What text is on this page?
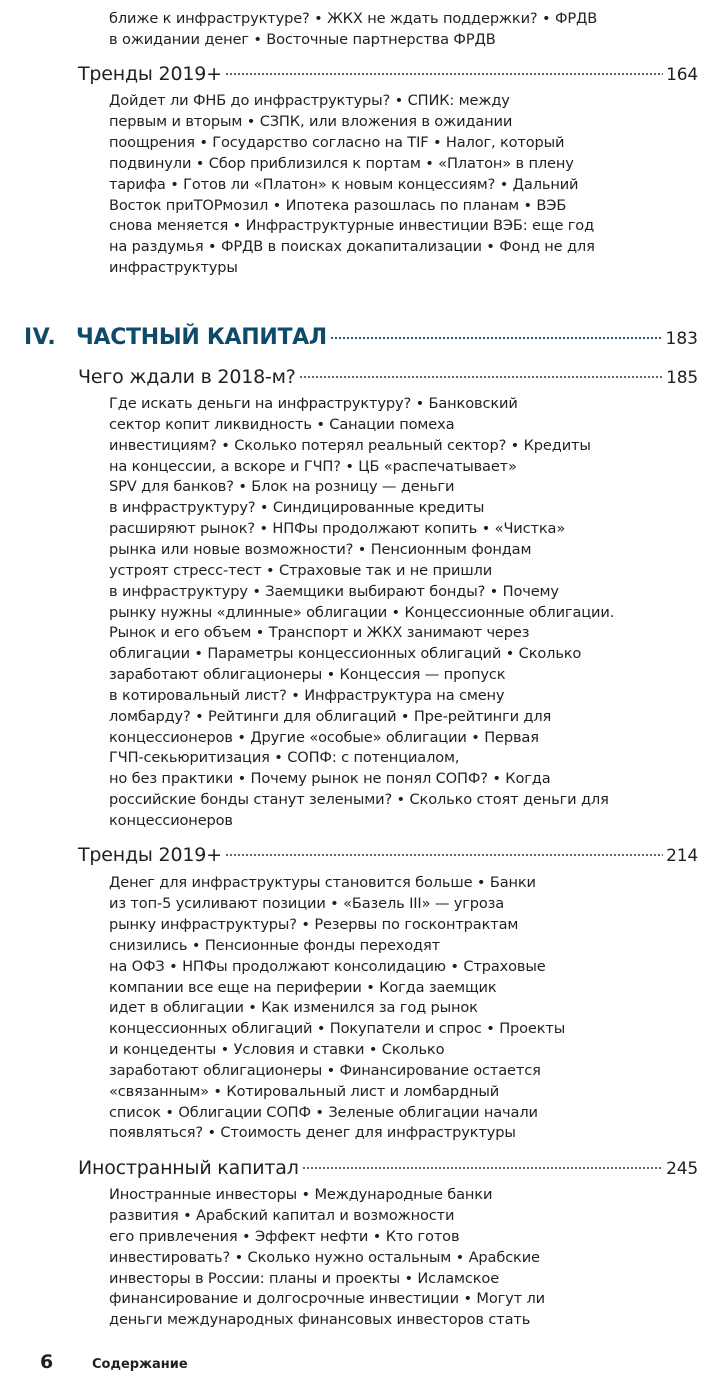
ближе к инфраструктуре? • ЖКХ не ждать поддержки? • ФРДВ
в ожидании денег • Восточные партнерства ФРДВ
Тренды 2019+	164
Дойдет ли ФНБ до инфраструктуры? • СПИК: между
первым и вторым • СЗПК, или вложения в ожидании
поощрения • Государство согласно на TIF • Налог, который
подвинули • Сбор приблизился к портам • «Платон» в плену
тарифа • Готов ли «Платон» к новым концессиям? • Дальний
Восток приТОРмозил • Ипотека разошлась по планам • ВЭБ
снова меняется • Инфраструктурные инвестиции ВЭБ: еще год
на раздумья • ФРДВ в поисках докапитализации • Фонд не для
инфраструктуры
IV. ЧАСТНЫЙ КАПИТАЛ	183
Чего ждали в 2018-м?	185
Где искать деньги на инфраструктуру? • Банковский
сектор копит ликвидность • Санации помеха
инвестициям? • Сколько потерял реальный сектор? • Кредиты
на концессии, а вскоре и ГЧП? • ЦБ «распечатывает»
SPV для банков? • Блок на розницу — деньги
в инфраструктуру? • Синдицированные кредиты
расширяют рынок? • НПФы продолжают копить • «Чистка»
рынка или новые возможности? • Пенсионным фондам
устроят стресс-тест • Страховые так и не пришли
в инфраструктуру • Заемщики выбирают бонды? • Почему
рынку нужны «длинные» облигации • Концессионные облигации.
Рынок и его объем • Транспорт и ЖКХ занимают через
облигации • Параметры концессионных облигаций • Сколько
заработают облигационеры • Концессия — пропуск
в котировальный лист? • Инфраструктура на смену
ломбарду? • Рейтинги для облигаций • Пре-рейтинги для
концессионеров • Другие «особые» облигации • Первая
ГЧП-секьюритизация • СОПФ: с потенциалом,
но без практики • Почему рынок не понял СОПФ? • Когда
российские бонды станут зелеными? • Сколько стоят деньги для
концессионеров
Тренды 2019+	214
Денег для инфраструктуры становится больше • Банки
из топ-5 усиливают позиции • «Базель III» — угроза
рынку инфраструктуры? • Резервы по госконтрактам
снизились • Пенсионные фонды переходят
на ОФЗ • НПФы продолжают консолидацию • Страховые
компании все еще на периферии • Когда заемщик
идет в облигации • Как изменился за год рынок
концессионных облигаций • Покупатели и спрос • Проекты
и концеденты • Условия и ставки • Сколько
заработают облигационеры • Финансирование остается
«связанным» • Котировальный лист и ломбардный
список • Облигации СОПФ • Зеленые облигации начали
появляться? • Стоимость денег для инфраструктуры
Иностранный капитал	245
Иностранные инвесторы • Международные банки
развития • Арабский капитал и возможности
его привлечения • Эффект нефти • Кто готов
инвестировать? • Сколько нужно остальным • Арабские
инвесторы в России: планы и проекты • Исламское
финансирование и долгосрочные инвестиции • Могут ли
деньги международных финансовых инвесторов стать
6	Содержание
